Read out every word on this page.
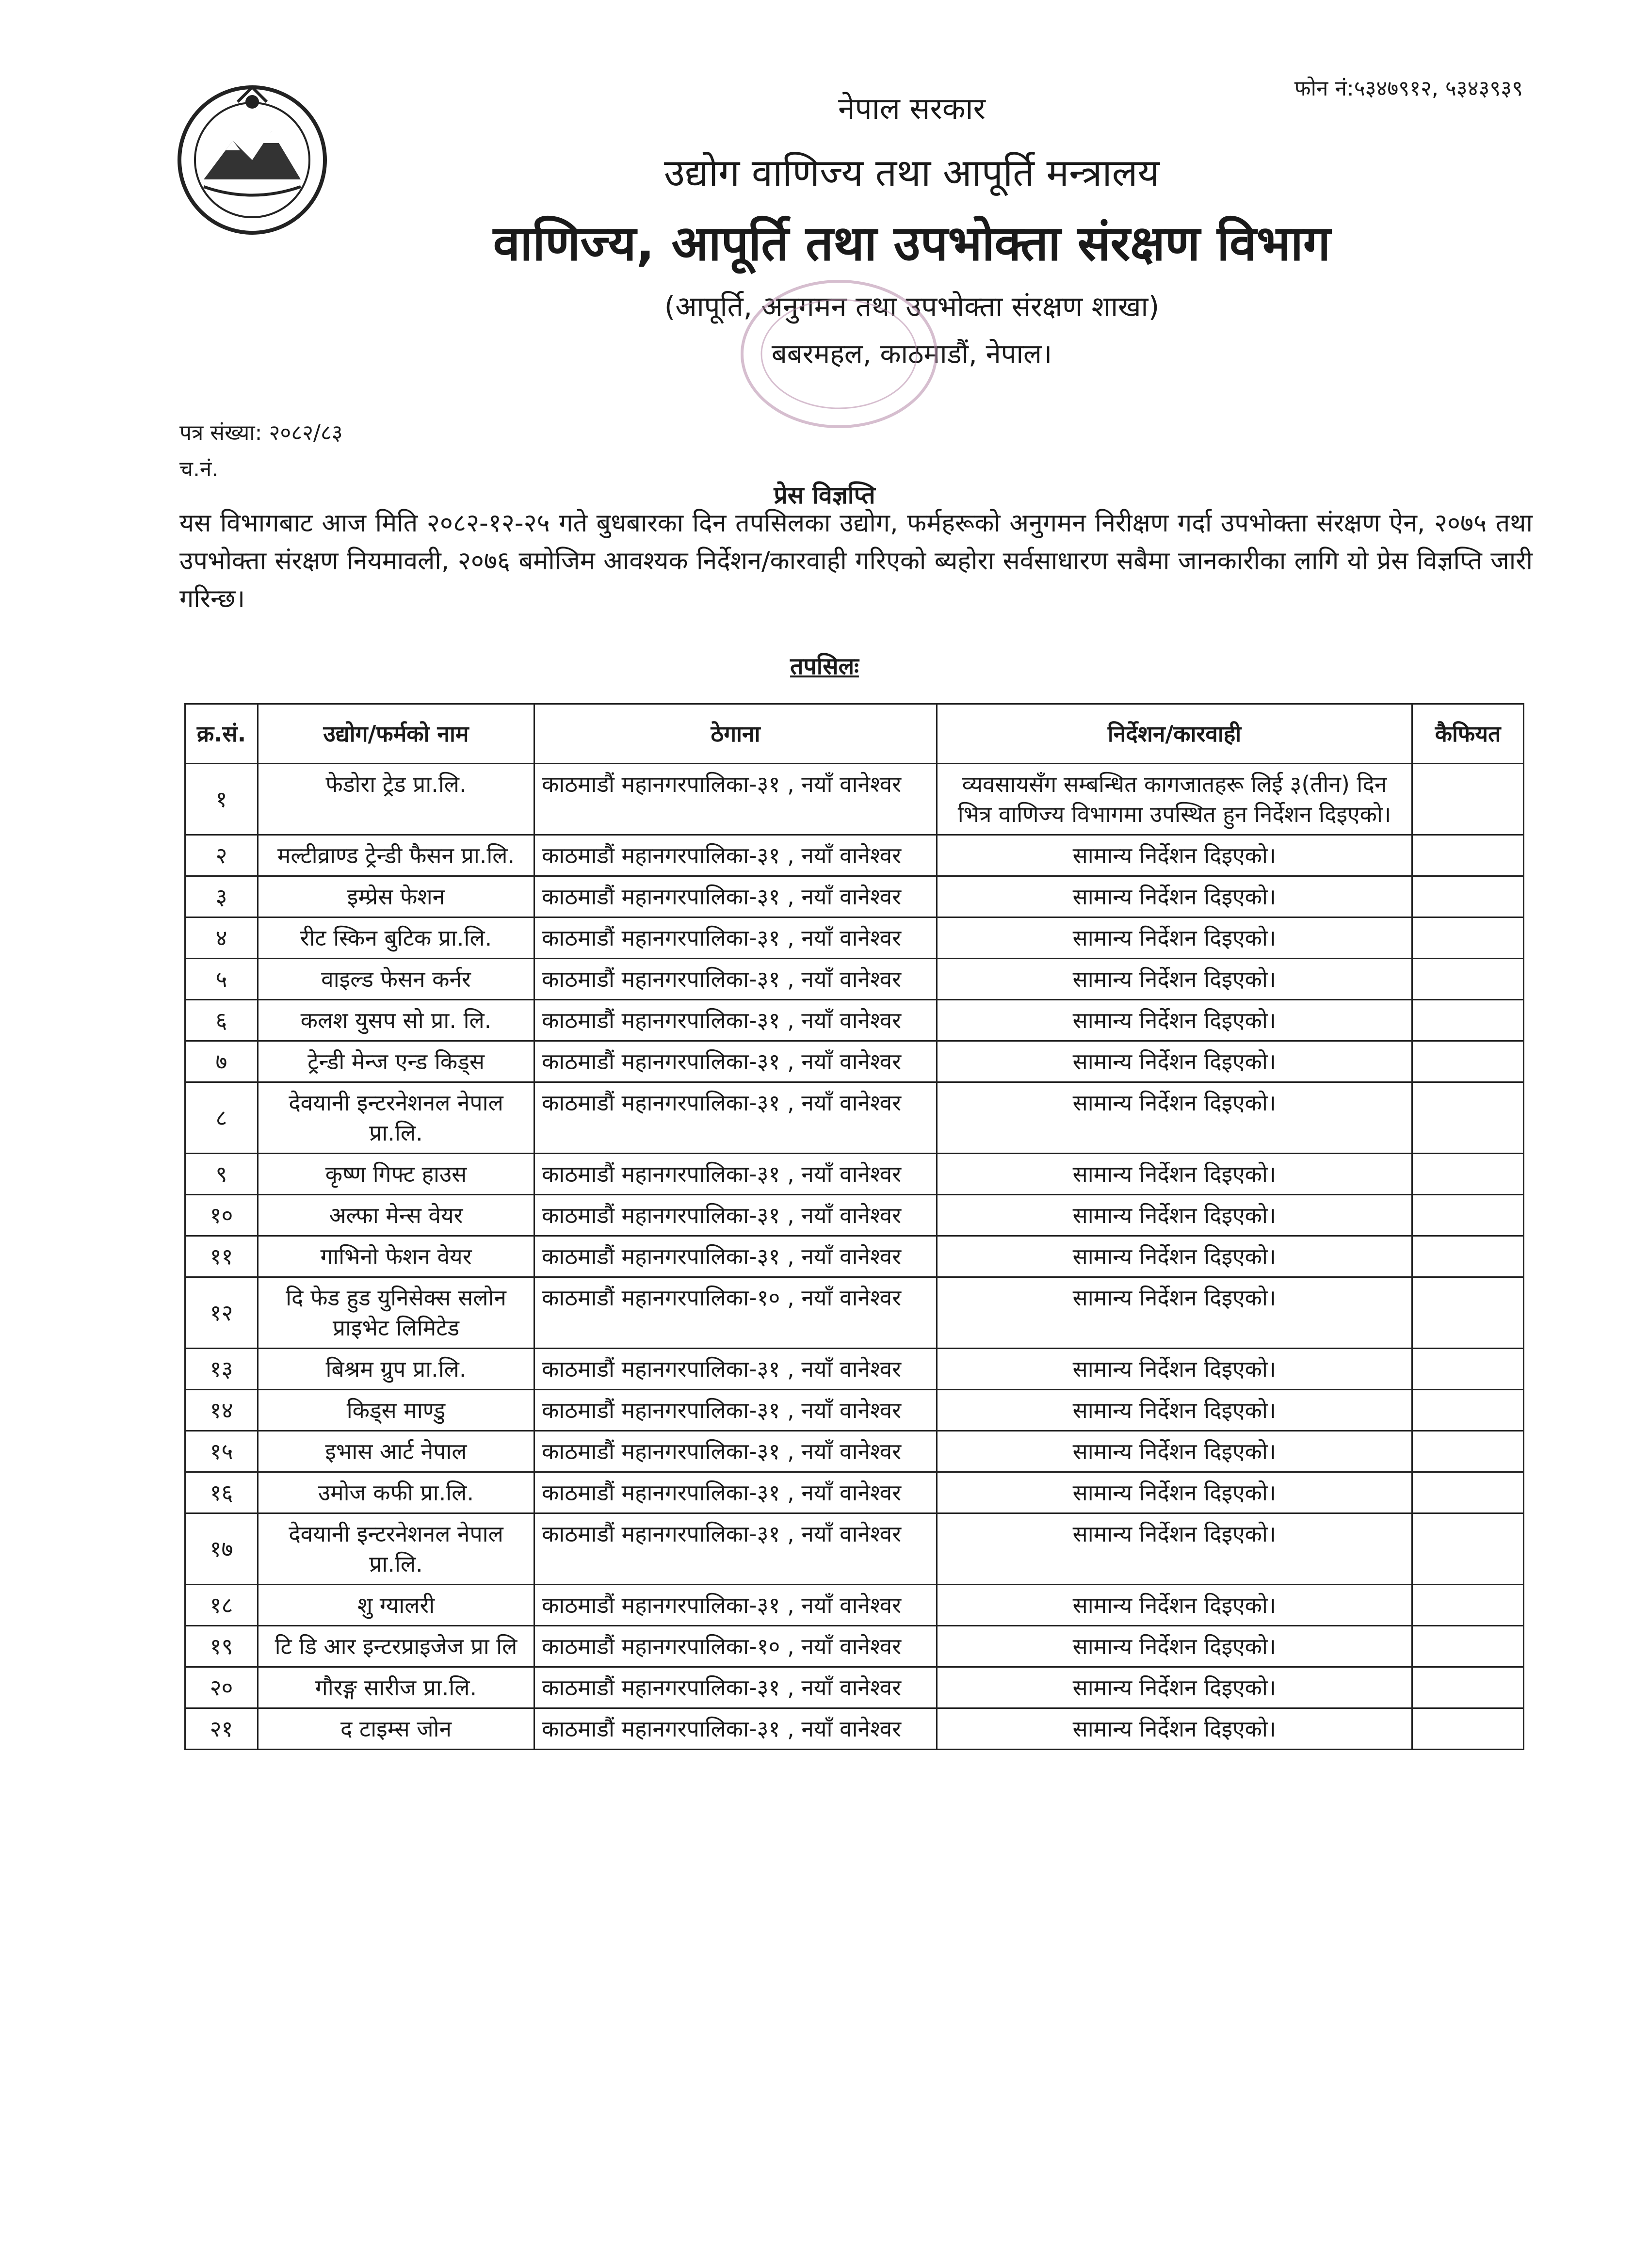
फोन नं:५३४७९१२, ५३४३९३९
नेपाल सरकार
उद्योग वाणिज्य तथा आपूर्ति मन्त्रालय
वाणिज्य, आपूर्ति तथा उपभोक्ता संरक्षण विभाग
(आपूर्ति, अनुगमन तथा उपभोक्ता संरक्षण शाखा)
बबरमहल, काठमाडौं, नेपाल।
पत्र संख्या: २०८२/८३
च.नं.
प्रेस विज्ञप्ति
यस विभागबाट आज मिति २०८२-१२-२५ गते बुधबारका दिन तपसिलका उद्योग, फर्महरूको अनुगमन निरीक्षण गर्दा उपभोक्ता संरक्षण ऐन, २०७५ तथा उपभोक्ता संरक्षण नियमावली, २०७६ बमोजिम आवश्यक निर्देशन/कारवाही गरिएको ब्यहोरा सर्वसाधारण सबैमा जानकारीका लागि यो प्रेस विज्ञप्ति जारी गरिन्छ।
तपसिलः
क्र.सं.	उद्योग/फर्मको नाम	ठेगाना	निर्देशन/कारवाही	कैफियत
१	फेडोरा ट्रेड प्रा.लि.	काठमाडौं महानगरपालिका-३१ , नयाँ वानेश्वर	व्यवसायसँग सम्बन्धित कागजातहरू लिई ३(तीन) दिन भित्र वाणिज्य विभागमा उपस्थित हुन निर्देशन दिइएको।	
२	मल्टीव्राण्ड ट्रेन्डी फैसन प्रा.लि.	काठमाडौं महानगरपालिका-३१ , नयाँ वानेश्वर	सामान्य निर्देशन दिइएको।	
३	इम्प्रेस फेशन	काठमाडौं महानगरपालिका-३१ , नयाँ वानेश्वर	सामान्य निर्देशन दिइएको।	
४	रीट स्किन बुटिक प्रा.लि.	काठमाडौं महानगरपालिका-३१ , नयाँ वानेश्वर	सामान्य निर्देशन दिइएको।	
५	वाइल्ड फेसन कर्नर	काठमाडौं महानगरपालिका-३१ , नयाँ वानेश्वर	सामान्य निर्देशन दिइएको।	
६	कलश युसप सो प्रा. लि.	काठमाडौं महानगरपालिका-३१ , नयाँ वानेश्वर	सामान्य निर्देशन दिइएको।	
७	ट्रेन्डी मेन्ज एन्ड किड्स	काठमाडौं महानगरपालिका-३१ , नयाँ वानेश्वर	सामान्य निर्देशन दिइएको।	
८	देवयानी इन्टरनेशनल नेपाल प्रा.लि.	काठमाडौं महानगरपालिका-३१ , नयाँ वानेश्वर	सामान्य निर्देशन दिइएको।	
९	कृष्ण गिफ्ट हाउस	काठमाडौं महानगरपालिका-३१ , नयाँ वानेश्वर	सामान्य निर्देशन दिइएको।	
१०	अल्फा मेन्स वेयर	काठमाडौं महानगरपालिका-३१ , नयाँ वानेश्वर	सामान्य निर्देशन दिइएको।	
११	गाभिनो फेशन वेयर	काठमाडौं महानगरपालिका-३१ , नयाँ वानेश्वर	सामान्य निर्देशन दिइएको।	
१२	दि फेड हुड युनिसेक्स सलोन प्राइभेट लिमिटेड	काठमाडौं महानगरपालिका-१० , नयाँ वानेश्वर	सामान्य निर्देशन दिइएको।	
१३	बिश्रम ग्रुप प्रा.लि.	काठमाडौं महानगरपालिका-३१ , नयाँ वानेश्वर	सामान्य निर्देशन दिइएको।	
१४	किड्स माण्डु	काठमाडौं महानगरपालिका-३१ , नयाँ वानेश्वर	सामान्य निर्देशन दिइएको।	
१५	इभास आर्ट नेपाल	काठमाडौं महानगरपालिका-३१ , नयाँ वानेश्वर	सामान्य निर्देशन दिइएको।	
१६	उमोज कफी प्रा.लि.	काठमाडौं महानगरपालिका-३१ , नयाँ वानेश्वर	सामान्य निर्देशन दिइएको।	
१७	देवयानी इन्टरनेशनल नेपाल प्रा.लि.	काठमाडौं महानगरपालिका-३१ , नयाँ वानेश्वर	सामान्य निर्देशन दिइएको।	
१८	शु ग्यालरी	काठमाडौं महानगरपालिका-३१ , नयाँ वानेश्वर	सामान्य निर्देशन दिइएको।	
१९	टि डि आर इन्टरप्राइजेज प्रा लि	काठमाडौं महानगरपालिका-१० , नयाँ वानेश्वर	सामान्य निर्देशन दिइएको।	
२०	गौरङ्ग सारीज प्रा.लि.	काठमाडौं महानगरपालिका-३१ , नयाँ वानेश्वर	सामान्य निर्देशन दिइएको।	
२१	द टाइम्स जोन	काठमाडौं महानगरपालिका-३१ , नयाँ वानेश्वर	सामान्य निर्देशन दिइएको।	
